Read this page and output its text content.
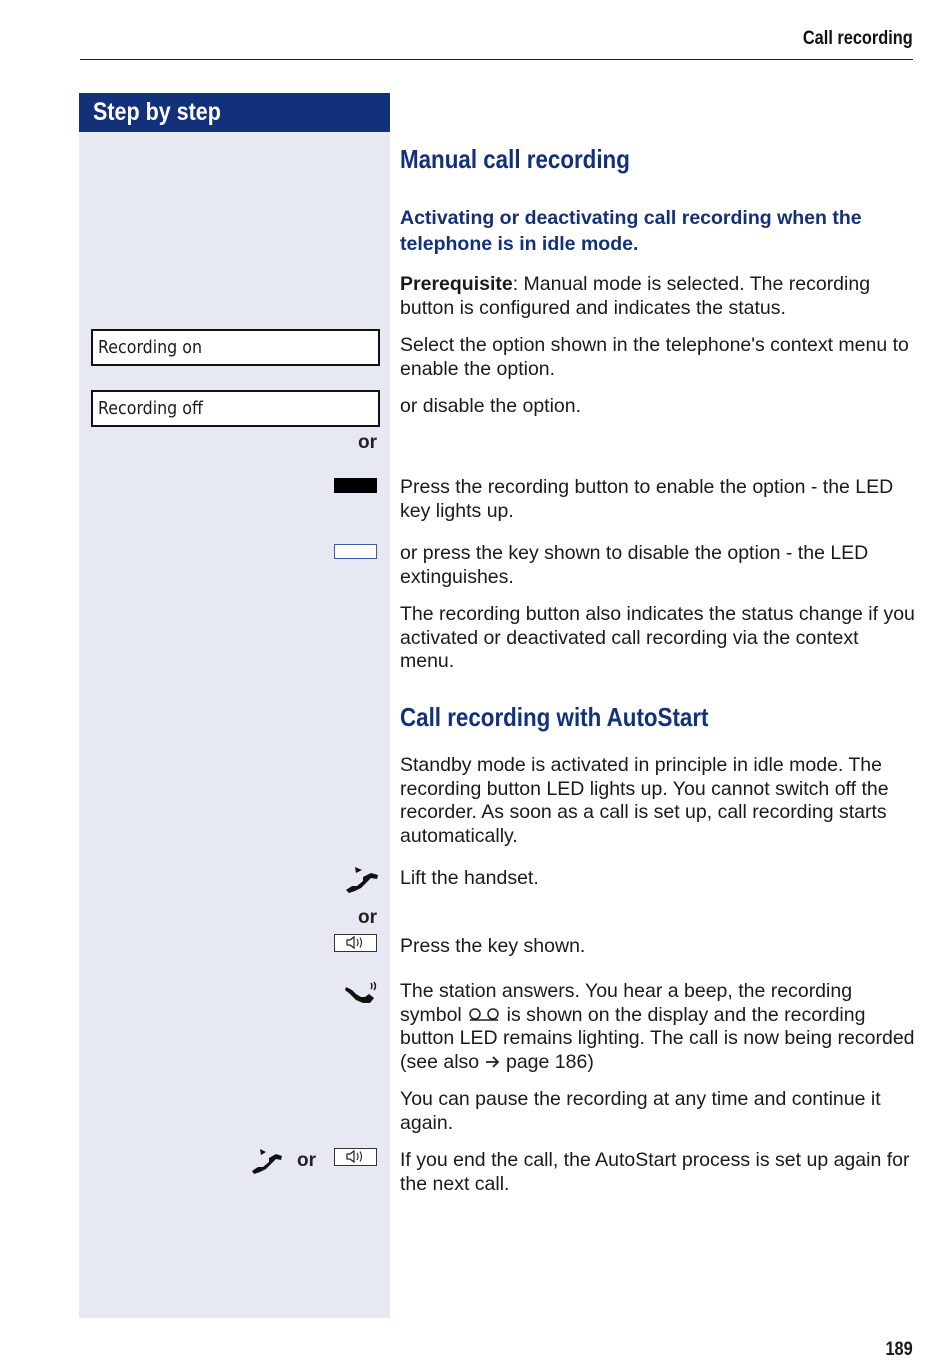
Call recording
Step by step
Recording on
Recording off
or
or
or
Manual call recording
Activating or deactivating call recording when the telephone is in idle mode.
Prerequisite: Manual mode is selected. The recording button is configured and indicates the status.
Select the option shown in the telephone's context menu to enable the option.
or disable the option.
Press the recording button to enable the option - the LED key lights up.
or press the key shown to disable the option - the LED extinguishes.
The recording button also indicates the status change if you activated or deactivated call recording via the context menu.
Call recording with AutoStart
Standby mode is activated in principle in idle mode. The recording button LED lights up. You cannot switch off the recorder. As soon as a call is set up, call recording starts automatically.
Lift the handset.
Press the key shown.
The station answers. You hear a beep, the recording symbol is shown on the display and the recording button LED remains lighting. The call is now being recorded (see also page 186)
You can pause the recording at any time and continue it again.
If you end the call, the AutoStart process is set up again for the next call.
189
